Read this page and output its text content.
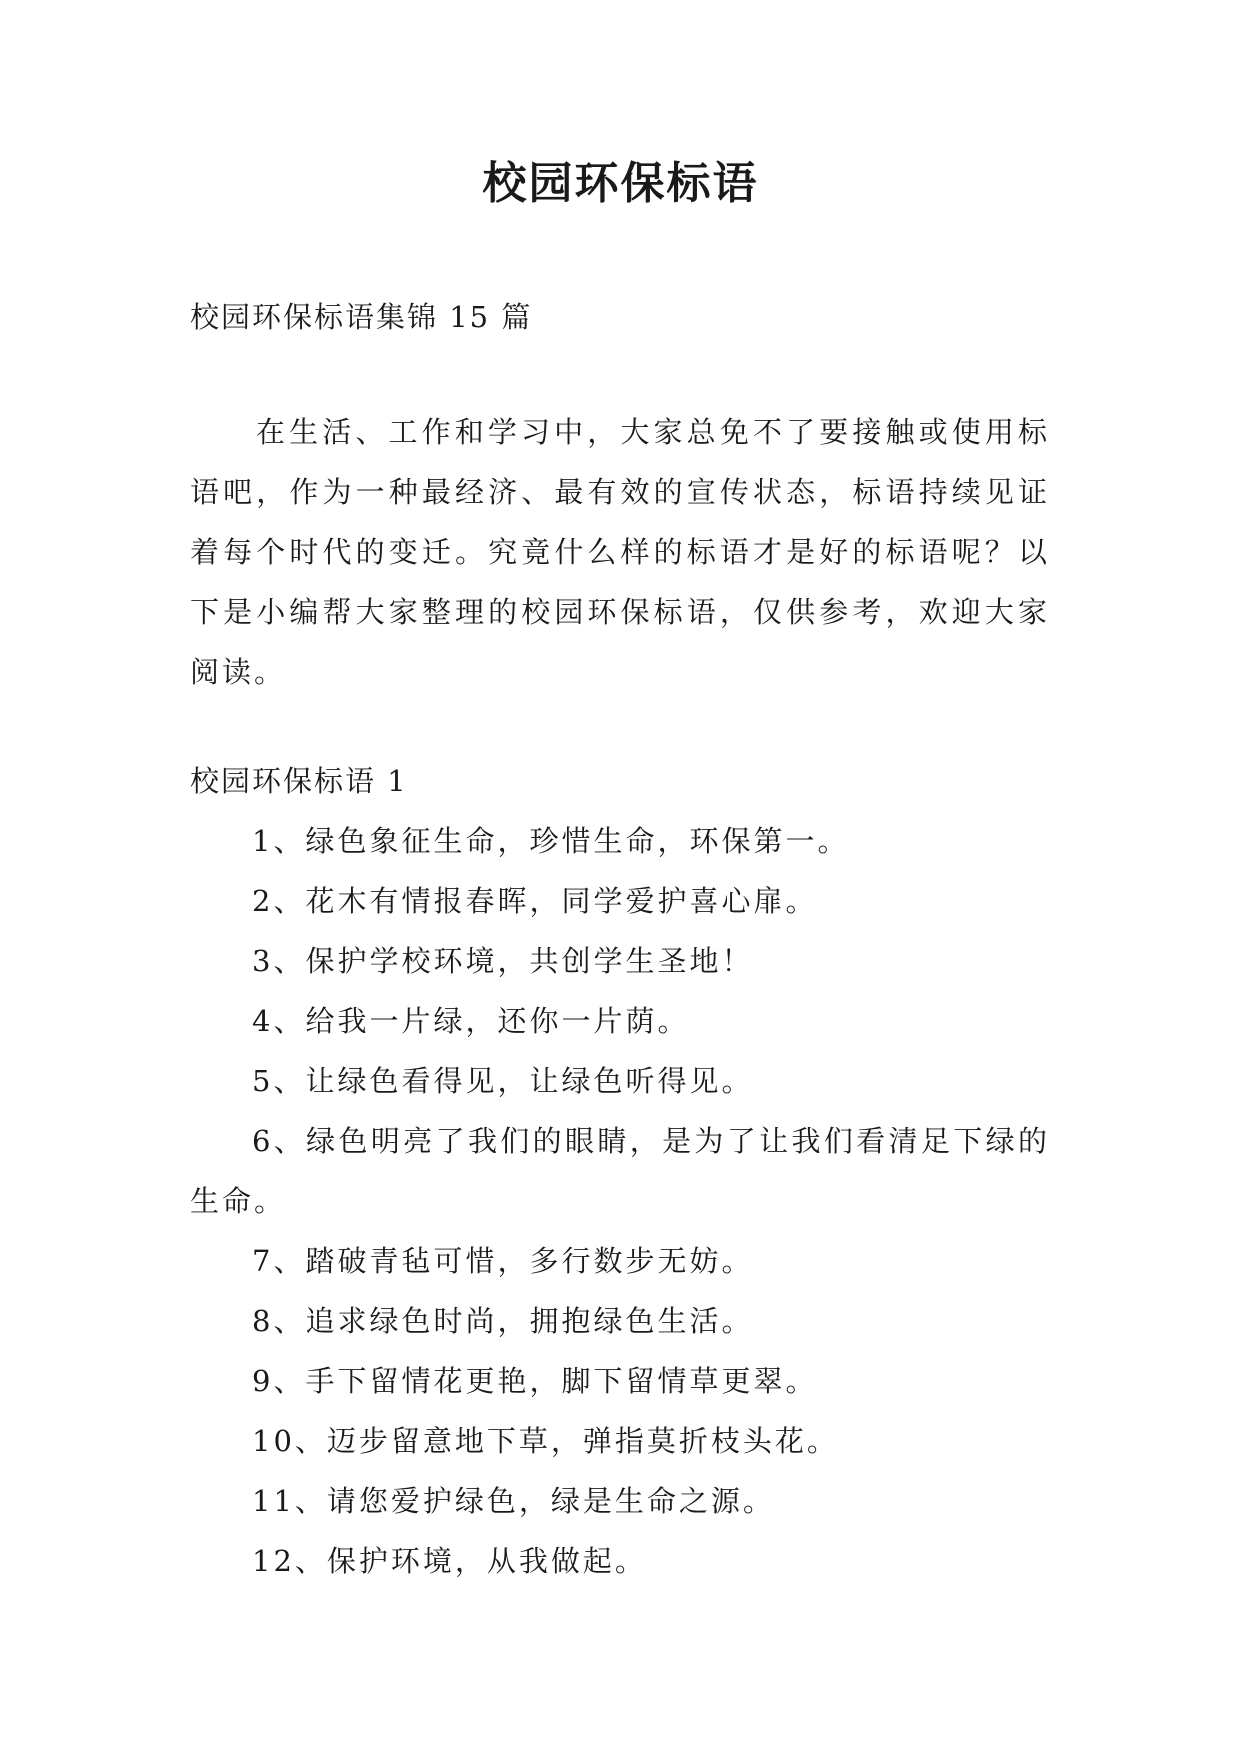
校园环保标语
校园环保标语集锦 15 篇

在生活、工作和学习中，大家总免不了要接触或使用标语吧，作为一种最经济、最有效的宣传状态，标语持续见证着每个时代的变迁。究竟什么样的标语才是好的标语呢？以下是小编帮大家整理的校园环保标语，仅供参考，欢迎大家阅读。

校园环保标语 1
1、绿色象征生命，珍惜生命，环保第一。
2、花木有情报春晖，同学爱护喜心扉。
3、保护学校环境，共创学生圣地！
4、给我一片绿，还你一片荫。
5、让绿色看得见，让绿色听得见。
6、绿色明亮了我们的眼睛，是为了让我们看清足下绿的生命。
7、踏破青毡可惜，多行数步无妨。
8、追求绿色时尚，拥抱绿色生活。
9、手下留情花更艳，脚下留情草更翠。
10、迈步留意地下草，弹指莫折枝头花。
11、请您爱护绿色，绿是生命之源。
12、保护环境，从我做起。
